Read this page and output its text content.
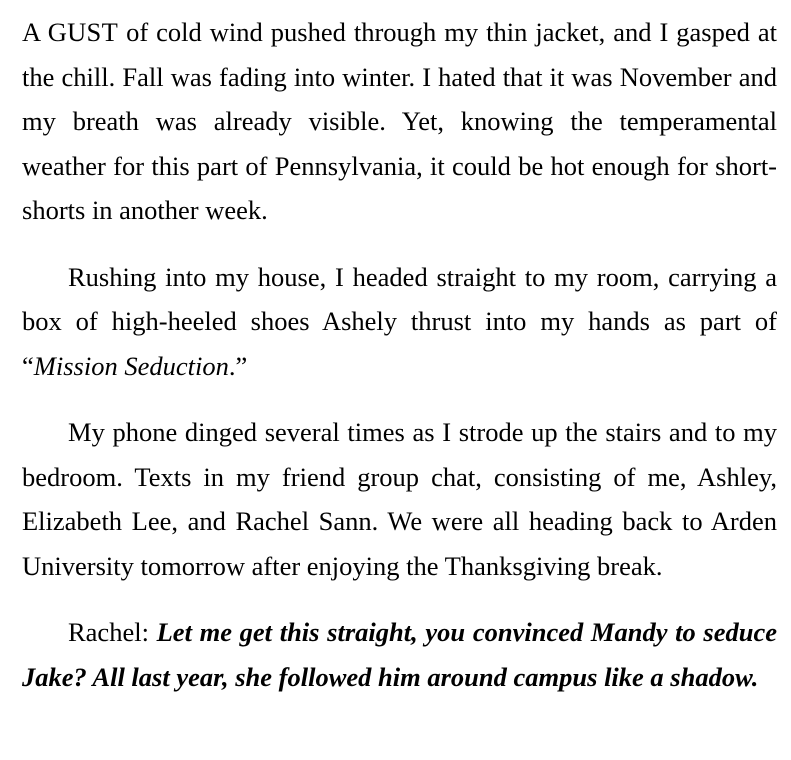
A GUST of cold wind pushed through my thin jacket, and I gasped at the chill. Fall was fading into winter. I hated that it was November and my breath was already visible. Yet, knowing the temperamental weather for this part of Pennsylvania, it could be hot enough for short-shorts in another week.

Rushing into my house, I headed straight to my room, carrying a box of high-heeled shoes Ashely thrust into my hands as part of “Mission Seduction.”

My phone dinged several times as I strode up the stairs and to my bedroom. Texts in my friend group chat, consisting of me, Ashley, Elizabeth Lee, and Rachel Sann. We were all heading back to Arden University tomorrow after enjoying the Thanksgiving break.

Rachel: Let me get this straight, you convinced Mandy to seduce Jake? All last year, she followed him around campus like a shadow.
